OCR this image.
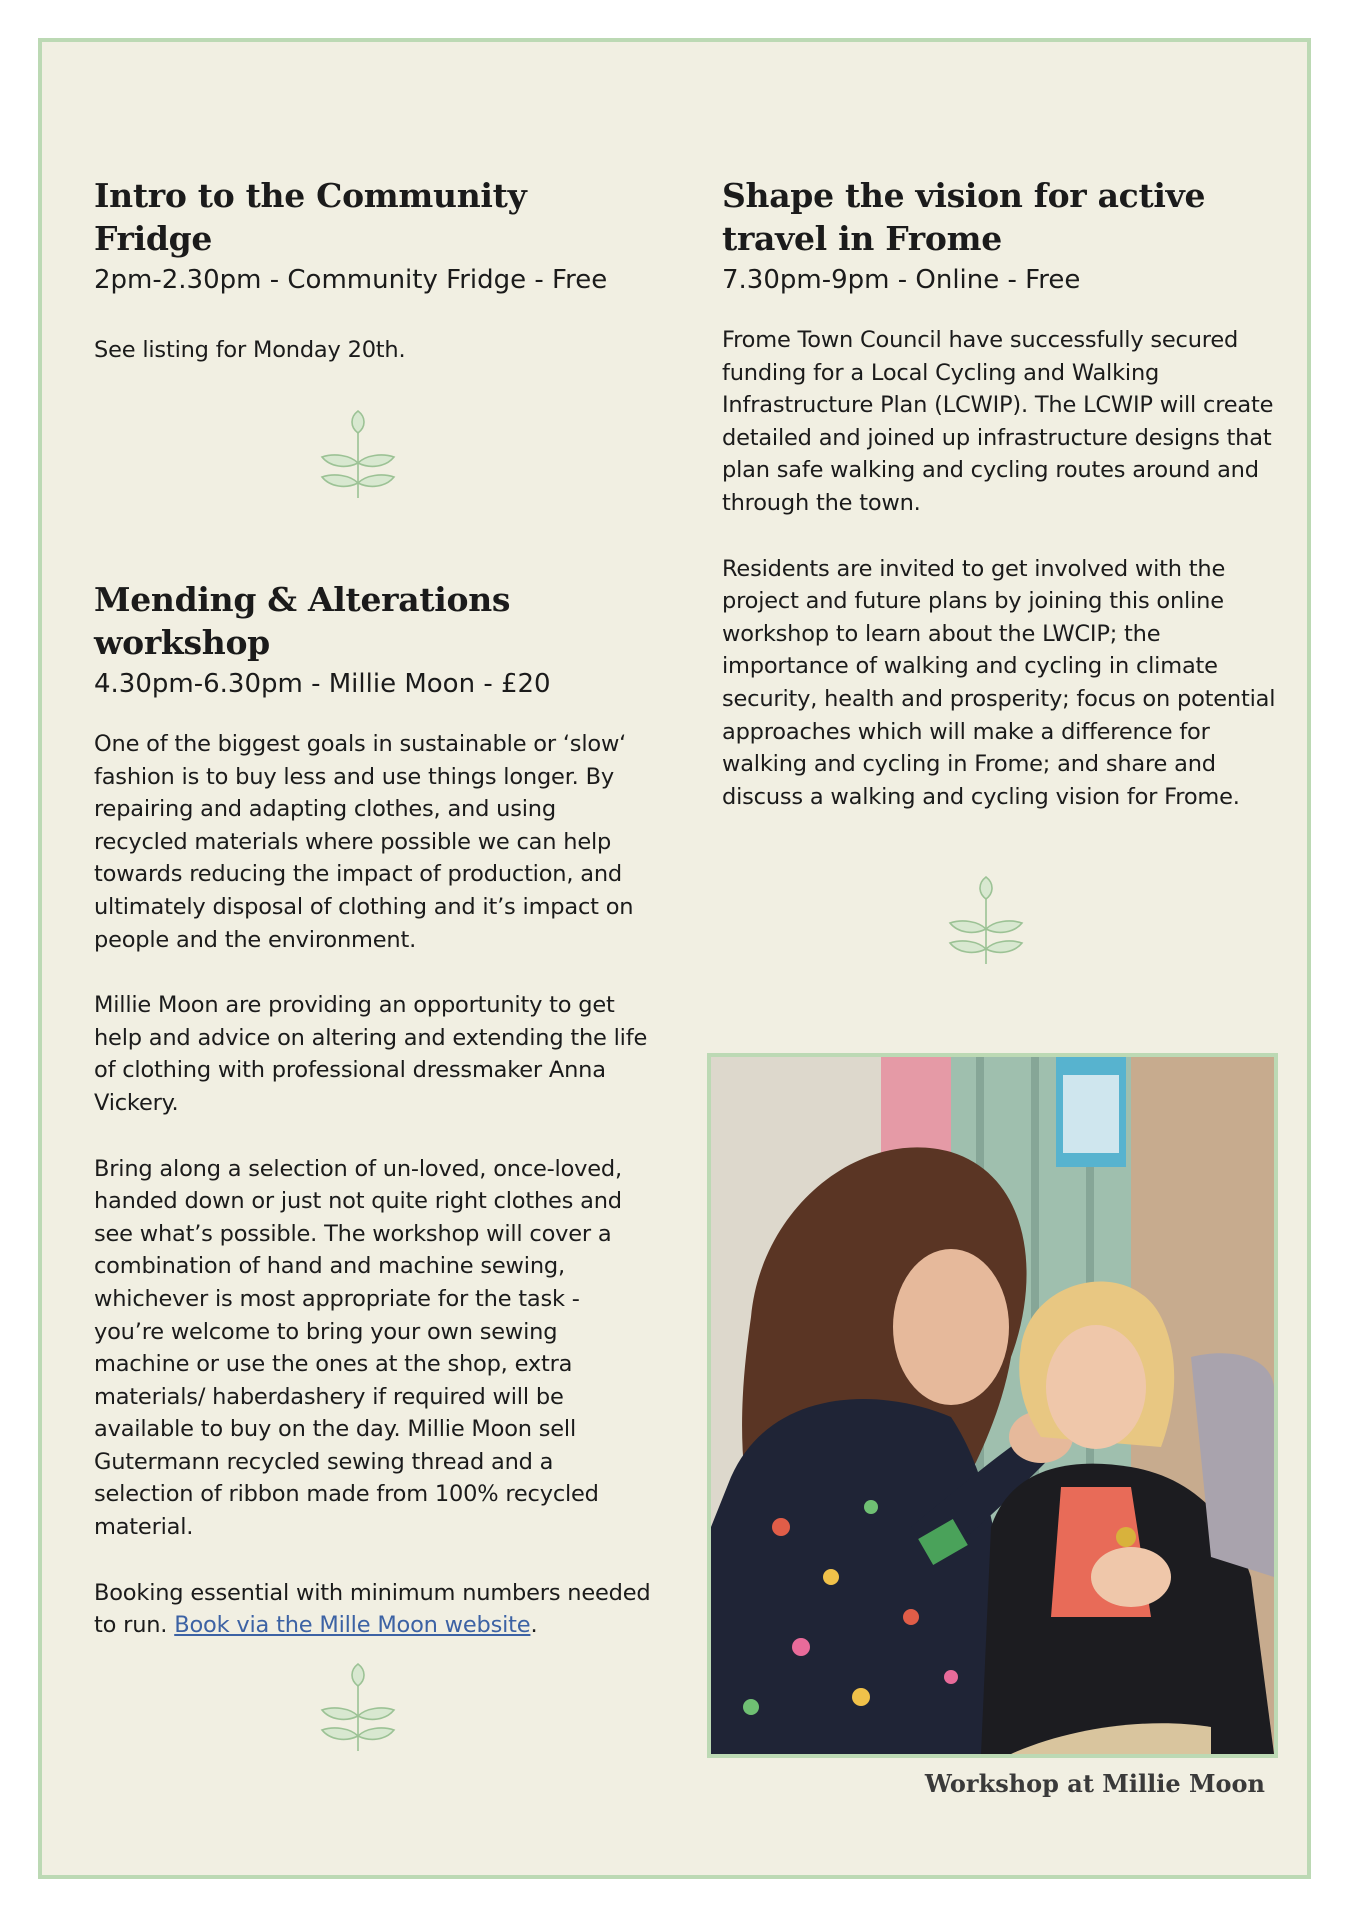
Intro to the Community Fridge

2pm-2.30pm - Community Fridge - Free

See listing for Monday 20th.

Mending & Alterations workshop

4.30pm-6.30pm - Millie Moon - £20

One of the biggest goals in sustainable or ‘slow‘ fashion is to buy less and use things longer. By repairing and adapting clothes, and using recycled materials where possible we can help towards reducing the impact of production, and ultimately disposal of clothing and it’s impact on people and the environment.

Millie Moon are providing an opportunity to get help and advice on altering and extending the life of clothing with professional dressmaker Anna Vickery.

Bring along a selection of un-loved, once-loved, handed down or just not quite right clothes and see what’s possible. The workshop will cover a combination of hand and machine sewing, whichever is most appropriate for the task - you’re welcome to bring your own sewing machine or use the ones at the shop, extra materials/ haberdashery if required will be available to buy on the day. Millie Moon sell Gutermann recycled sewing thread and a selection of ribbon made from 100% recycled material.

Booking essential with minimum numbers needed to run. Book via the Mille Moon website.

Shape the vision for active travel in Frome

7.30pm-9pm - Online - Free

Frome Town Council have successfully secured funding for a Local Cycling and Walking Infrastructure Plan (LCWIP). The LCWIP will create detailed and joined up infrastructure designs that plan safe walking and cycling routes around and through the town.

Residents are invited to get involved with the project and future plans by joining this online workshop to learn about the LWCIP; the importance of walking and cycling in climate security, health and prosperity; focus on potential approaches which will make a difference for walking and cycling in Frome; and share and discuss a walking and cycling vision for Frome.

Workshop at Millie Moon
